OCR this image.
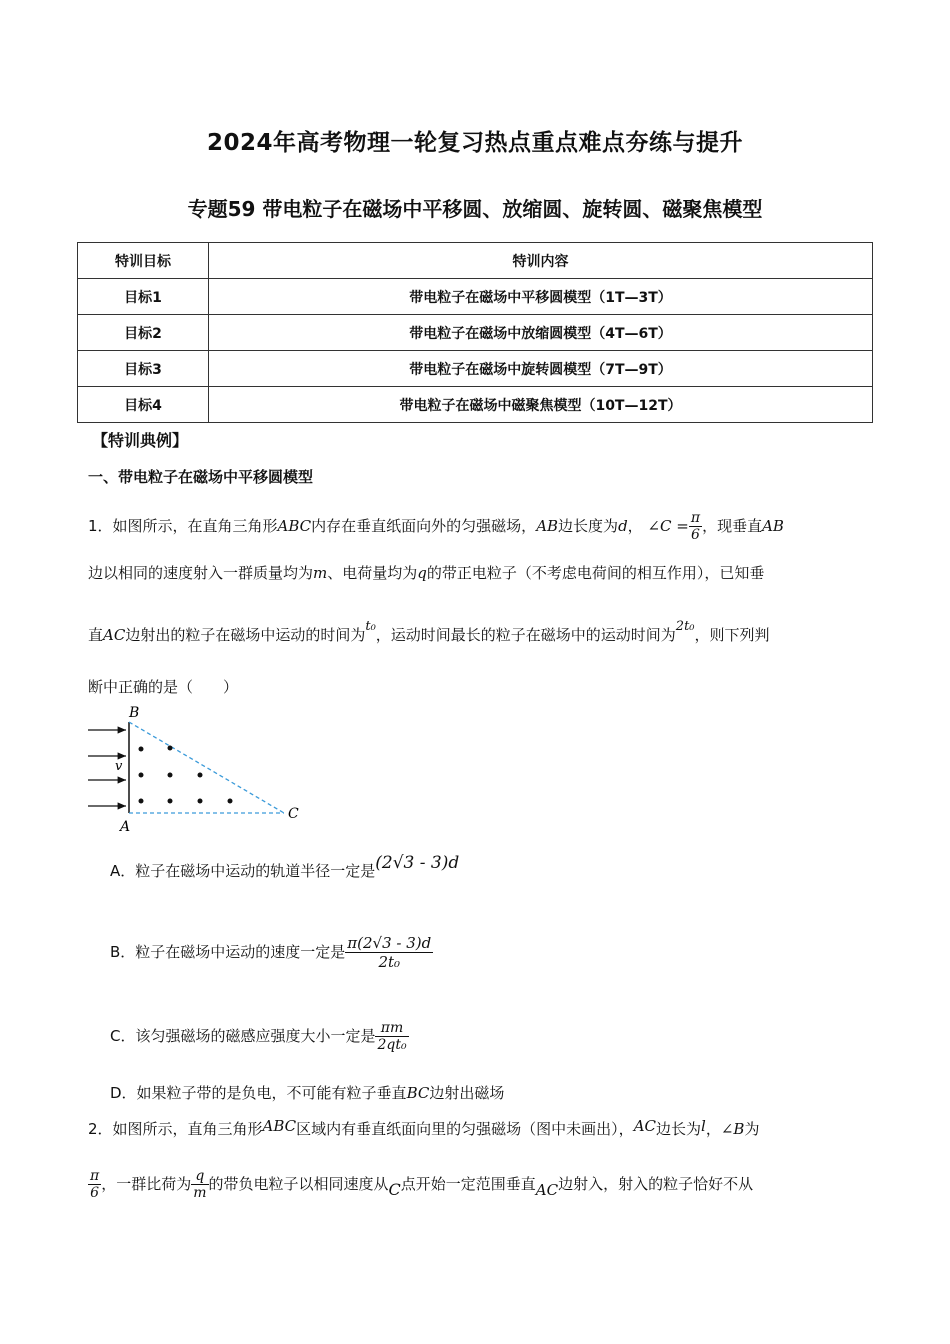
2024年高考物理一轮复习热点重点难点夯练与提升
专题59 带电粒子在磁场中平移圆、放缩圆、旋转圆、磁聚焦模型
特训目标	特训内容
目标1	带电粒子在磁场中平移圆模型（1T—3T）
目标2	带电粒子在磁场中放缩圆模型（4T—6T）
目标3	带电粒子在磁场中旋转圆模型（7T—9T）
目标4	带电粒子在磁场中磁聚焦模型（10T—12T）
【特训典例】
一、带电粒子在磁场中平移圆模型
1．如图所示，在直角三角形ABC内存在垂直纸面向外的匀强磁场，AB边长度为d， ∠C = $\frac{\pi}{6}$ ，现垂直AB
边以相同的速度射入一群质量均为m、电荷量均为q的带正电粒子（不考虑电荷间的相互作用），已知垂
直AC边射出的粒子在磁场中运动的时间为t₀，运动时间最长的粒子在磁场中的运动时间为2t₀，则下列判
断中正确的是（　　）
B
A
C
v
A．粒子在磁场中运动的轨道半径一定是(2√3 - 3)d
B．粒子在磁场中运动的速度一定是 $\frac{\pi(2√3 - 3)d}{\text{2t₀}}$
C．该匀强磁场的磁感应强度大小一定是 $\frac{\pi m}{\text{2qt₀}}$
D．如果粒子带的是负电，不可能有粒子垂直BC边射出磁场
2．如图所示，直角三角形ABC区域内有垂直纸面向里的匀强磁场（图中未画出），AC边长为l，∠B为
$\frac{\pi}{6}$ ，一群比荷为 $\frac{q}{m}$ 的带负电粒子以相同速度从C点开始一定范围垂直AC边射入，射入的粒子恰好不从
